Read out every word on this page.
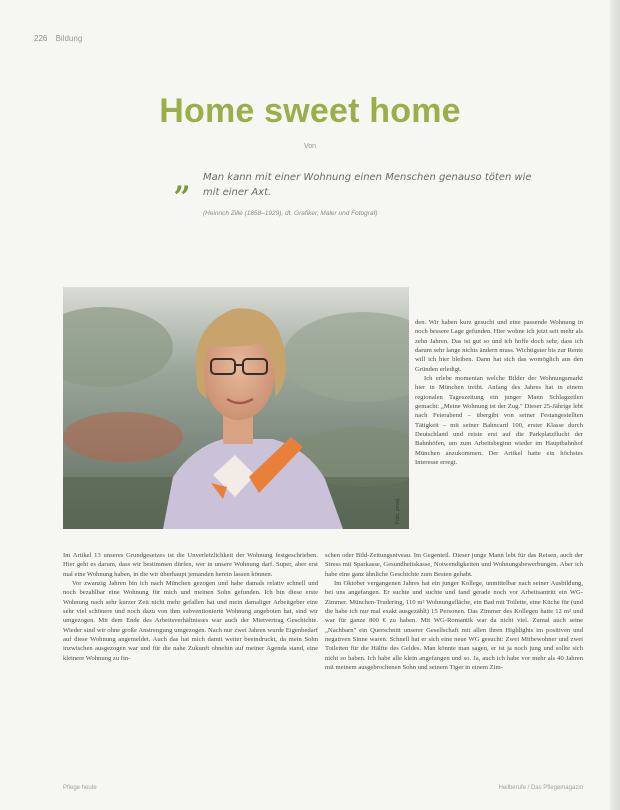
226 Bildung
Home sweet home
Von
„ Man kann mit einer Wohnung einen Menschen genauso töten wie mit einer Axt.
(Heinrich Zille (1858–1929), dt. Grafiker, Maler und Fotograf)
Foto: privat

den. Wir haben kurz gesucht und eine passende Wohnung in noch bessere Lage gefunden. Hier wohne ich jetzt seit mehr als zehn Jahren. Das ist gut so und ich hoffe doch sehr, dass ich darum sehr lange nichts ändern muss. Wichtigster bis zur Rente will ich hier bleiben. Dann hat sich das womöglich aus den Gründen erledigt.

Ich erlebe momentan welche Bilder der Wohnungsmarkt hier in München treibt. Anfang des Jahres hat in einem regionalen Tageszeitung ein junger Mann Schlagzeilen gemacht: „Meine Wohnung ist der Zug." Dieser 25-Jährige lebt nach Feierabend – übergibt von seiner Festangestellten Tätigkeit – mit seiner Bahncard 100, erster Klasse durch Deutschland und reiste erst auf die Parkplatzflucht der Bahnhöfen, um zum Arbeitsbeginn wieder im Hauptbahnhof München anzukommen. Der Artikel hatte ein höchstes Interesse erregt.

Im Artikel 13 unseres Grundgesetzes ist die Unverletzlichkeit der Wohnung festgeschrieben. Hier geht es darum, dass wir bestimmen dürfen, wer in unsere Wohnung darf. Super, aber erst mal eine Wohnung haben, in die wir überhaupt jemanden herein lassen können.

Vor zwanzig Jahren bin ich nach München gezogen und habe damals relativ schnell und noch bezahlbar eine Wohnung für mich und meinen Sohn gefunden. Ich bin diese erste Wohnung nach sehr kurzer Zeit nicht mehr gefallen hat und mein damaliger Arbeitgeber eine sehr viel schönere und noch dazu von ihm subventionierte Wohnung angeboten hat, sind wir umgezogen. Mit dem Ende des Arbeitsverhältnisses war auch der Mietvertrag Geschichte. Wieder sind wir ohne große Anstrengung umgezogen. Nach nur zwei Jahren wurde Eigenbedarf auf diese Wohnung angemeldet. Auch das hat mich damit weiter beeindruckt, da mein Sohn inzwischen ausgezogen war und für die nahe Zukunft ohnehin auf meiner Agenda stand, eine kleinere Wohnung zu fin-

schen oder Bild-Zeitungsniveau. Im Gegenteil. Dieser junge Mann lebt für das Reisen, auch der Stress mit Sparkasse, Gesundheitskasse, Notwendigkeiten und Wohnungsbewerbungen. Aber ich habe eine ganz ähnliche Geschichte zum Besten gehabt.

Im Oktober vergangenen Jahres hat ein junger Kollege, unmittelbar nach seiner Ausbildung, bei uns angefangen. Er suchte und suchte und fand gerade noch vor Arbeitsantritt ein WG-Zimmer. München-Trudering, 110 m² Wohnungsfläche, ein Bad mit Toilette, eine Küche für (und die habe ich nur mal exakt ausgezählt) 15 Personen. Das Zimmer des Kollegen hatte 12 m² und war für ganze 800 € zu haben. Mit WG-Romantik war da nicht viel. Zumal auch seine „Nachbarn" ein Querschnitt unserer Gesellschaft mit allen ihren Highlights im positiven und negativen Sinne waren. Schnell hat er sich eine neue WG gesucht: Zwei Mitbewohner und zwei Toiletten für die Hälfte des Geldes. Man könnte man sagen, er ist ja noch jung und sollte sich nicht so haben. Ich habe alle klein angefangen und so. Ja, auch ich habe vor mehr als 40 Jahren mit meinem ausgebrochenen Sohn und seinem Tiger in einem Zim-

Pflege heute	Heilberufe / Das Pflegemagazin
